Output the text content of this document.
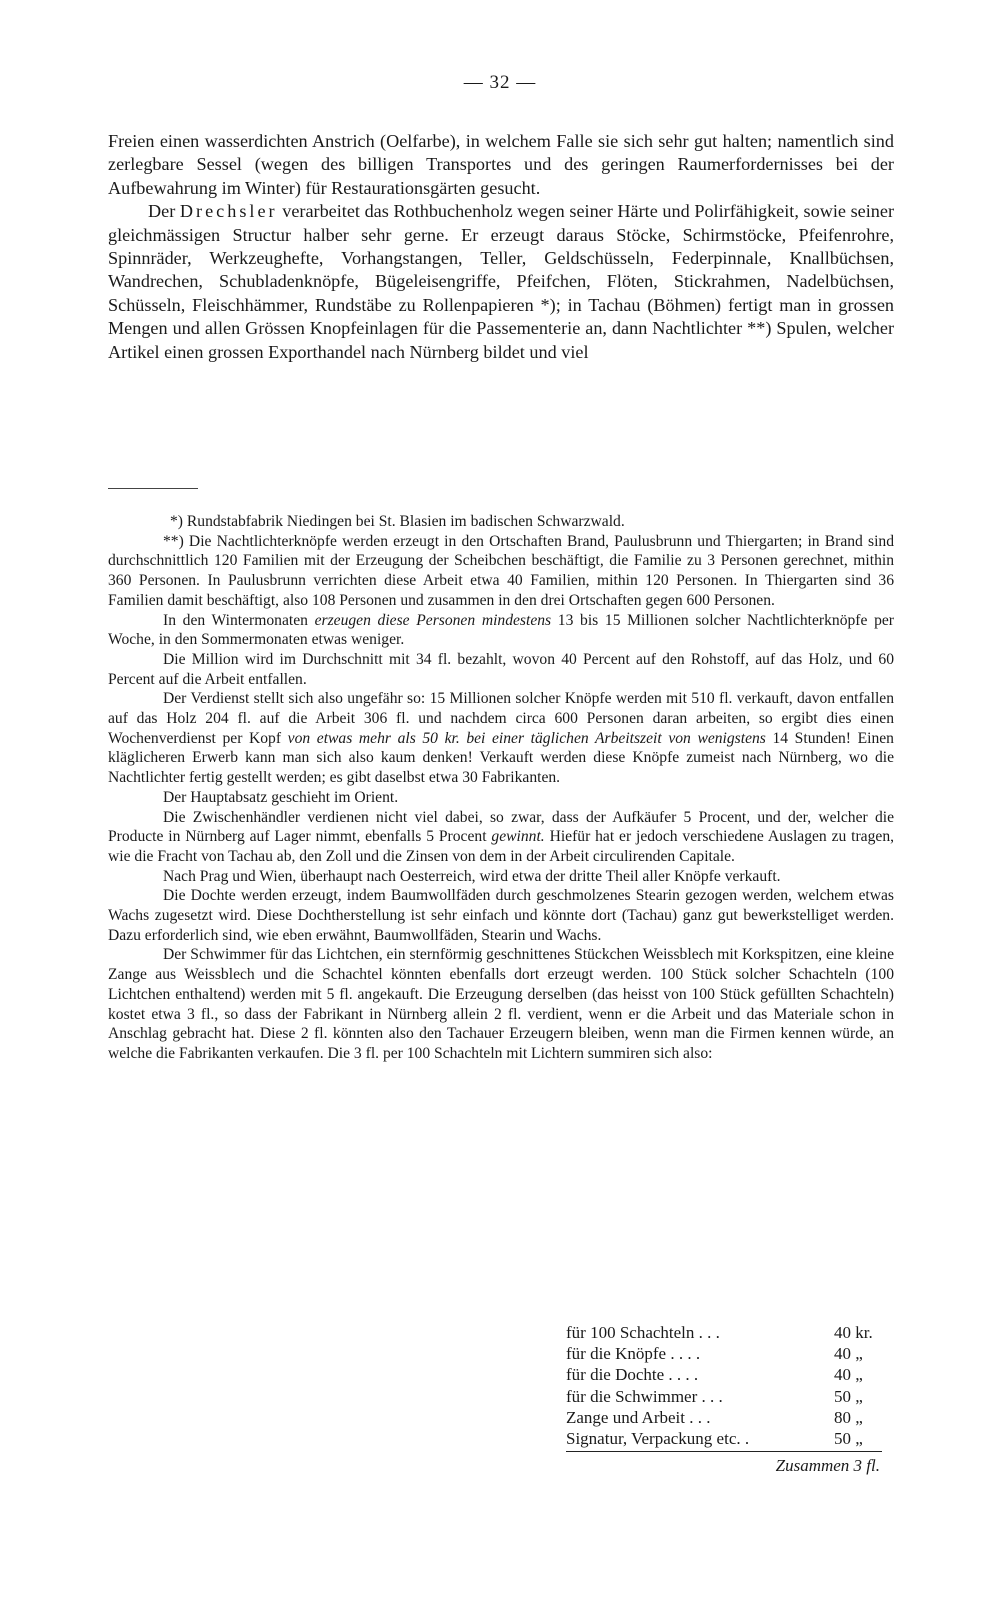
— 32 —

Freien einen wasserdichten Anstrich (Oelfarbe), in welchem Falle sie sich sehr gut halten; namentlich sind zerlegbare Sessel (wegen des billigen Transportes und des geringen Raumerfordernisses bei der Aufbewahrung im Winter) für Restaurationsgärten gesucht.

Der Drechsler verarbeitet das Rothbuchenholz wegen seiner Härte und Polirfähigkeit, sowie seiner gleichmässigen Structur halber sehr gerne. Er erzeugt daraus Stöcke, Schirmstöcke, Pfeifenrohre, Spinnräder, Werkzeughefte, Vorhangstangen, Teller, Geldschüsseln, Federpinnale, Knallbüchsen, Wandrechen, Schubladenknöpfe, Bügeleisengriffe, Pfeifchen, Flöten, Stickrahmen, Nadelbüchsen, Schüsseln, Fleischhämmer, Rundstäbe zu Rollenpapieren *); in Tachau (Böhmen) fertigt man in grossen Mengen und allen Grössen Knopfeinlagen für die Passementerie an, dann Nachtlichter **) Spulen, welcher Artikel einen grossen Exporthandel nach Nürnberg bildet und viel

*) Rundstabfabrik Niedingen bei St. Blasien im badischen Schwarzwald.

**) Die Nachtlichterknöpfe werden erzeugt in den Ortschaften Brand, Paulusbrunn und Thiergarten; in Brand sind durchschnittlich 120 Familien mit der Erzeugung der Scheibchen beschäftigt, die Familie zu 3 Personen gerechnet, mithin 360 Personen. In Paulusbrunn verrichten diese Arbeit etwa 40 Familien, mithin 120 Personen. In Thiergarten sind 36 Familien damit beschäftigt, also 108 Personen und zusammen in den drei Ortschaften gegen 600 Personen.

In den Wintermonaten erzeugen diese Personen mindestens 13 bis 15 Millionen solcher Nachtlichterknöpfe per Woche, in den Sommermonaten etwas weniger.

Die Million wird im Durchschnitt mit 34 fl. bezahlt, wovon 40 Percent auf den Rohstoff, auf das Holz, und 60 Percent auf die Arbeit entfallen.

Der Verdienst stellt sich also ungefähr so: 15 Millionen solcher Knöpfe werden mit 510 fl. verkauft, davon entfallen auf das Holz 204 fl. auf die Arbeit 306 fl. und nachdem circa 600 Personen daran arbeiten, so ergibt dies einen Wochenverdienst per Kopf von etwas mehr als 50 kr. bei einer täglichen Arbeitszeit von wenigstens 14 Stunden! Einen kläglicheren Erwerb kann man sich also kaum denken! Verkauft werden diese Knöpfe zumeist nach Nürnberg, wo die Nachtlichter fertig gestellt werden; es gibt daselbst etwa 30 Fabrikanten.

Der Hauptabsatz geschieht im Orient.

Die Zwischenhändler verdienen nicht viel dabei, so zwar, dass der Aufkäufer 5 Procent, und der, welcher die Producte in Nürnberg auf Lager nimmt, ebenfalls 5 Procent gewinnt. Hiefür hat er jedoch verschiedene Auslagen zu tragen, wie die Fracht von Tachau ab, den Zoll und die Zinsen von dem in der Arbeit circulirenden Capitale.

Nach Prag und Wien, überhaupt nach Oesterreich, wird etwa der dritte Theil aller Knöpfe verkauft.

Die Dochte werden erzeugt, indem Baumwollfäden durch geschmolzenes Stearin gezogen werden, welchem etwas Wachs zugesetzt wird. Diese Dochtherstellung ist sehr einfach und könnte dort (Tachau) ganz gut bewerkstelliget werden. Dazu erforderlich sind, wie eben erwähnt, Baumwollfäden, Stearin und Wachs.

Der Schwimmer für das Lichtchen, ein sternförmig geschnittenes Stückchen Weissblech mit Korkspitzen, eine kleine Zange aus Weissblech und die Schachtel könnten ebenfalls dort erzeugt werden. 100 Stück solcher Schachteln (100 Lichtchen enthaltend) werden mit 5 fl. angekauft. Die Erzeugung derselben (das heisst von 100 Stück gefüllten Schachteln) kostet etwa 3 fl., so dass der Fabrikant in Nürnberg allein 2 fl. verdient, wenn er die Arbeit und das Materiale schon in Anschlag gebracht hat. Diese 2 fl. könnten also den Tachauer Erzeugern bleiben, wenn man die Firmen kennen würde, an welche die Fabrikanten verkaufen. Die 3 fl. per 100 Schachteln mit Lichtern summiren sich also:

für 100 Schachteln . . .	40 kr.
für die Knöpfe . . . .	40 „
für die Dochte . . . .	40 „
für die Schwimmer . . .	50 „
Zange und Arbeit . . .	80 „
Signatur, Verpackung etc. .	50 „
Zusammen 3 fl.
